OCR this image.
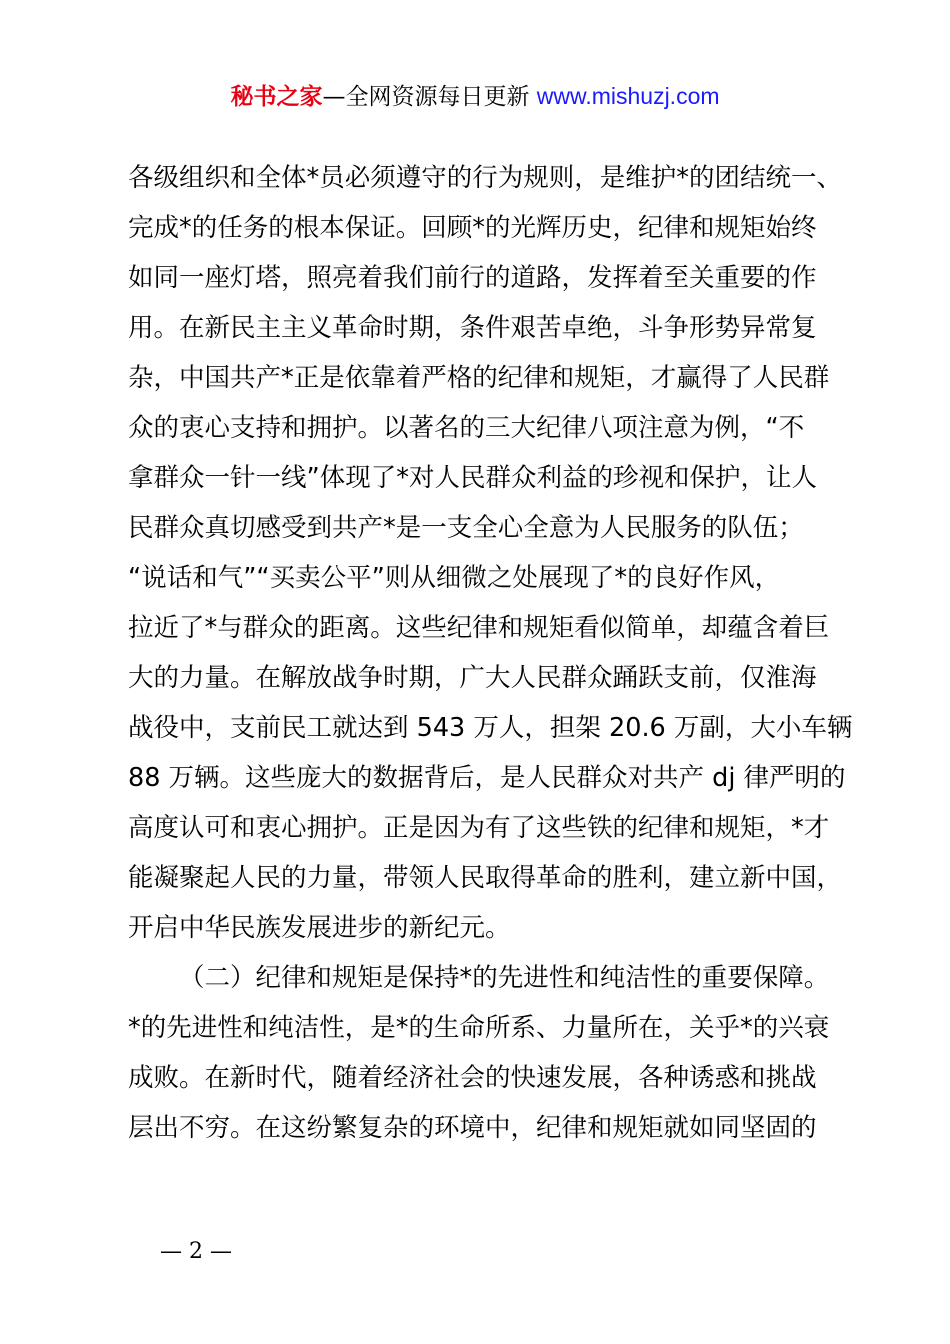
秘书之家—全网资源每日更新 www.mishuzj.com
各级组织和全体*员必须遵守的行为规则，是维护*的团结统一、
完成*的任务的根本保证。回顾*的光辉历史，纪律和规矩始终
如同一座灯塔，照亮着我们前行的道路，发挥着至关重要的作
用。在新民主主义革命时期，条件艰苦卓绝，斗争形势异常复
杂，中国共产*正是依靠着严格的纪律和规矩，才赢得了人民群
众的衷心支持和拥护。以著名的三大纪律八项注意为例，“不
拿群众一针一线”体现了*对人民群众利益的珍视和保护，让人
民群众真切感受到共产*是一支全心全意为人民服务的队伍；
“说话和气”“买卖公平”则从细微之处展现了*的良好作风，
拉近了*与群众的距离。这些纪律和规矩看似简单，却蕴含着巨
大的力量。在解放战争时期，广大人民群众踊跃支前，仅淮海
战役中，支前民工就达到 543 万人，担架 20.6 万副，大小车辆
88 万辆。这些庞大的数据背后，是人民群众对共产 dj 律严明的
高度认可和衷心拥护。正是因为有了这些铁的纪律和规矩，*才
能凝聚起人民的力量，带领人民取得革命的胜利，建立新中国，
开启中华民族发展进步的新纪元。
（二）纪律和规矩是保持*的先进性和纯洁性的重要保障。
*的先进性和纯洁性，是*的生命所系、力量所在，关乎*的兴衰
成败。在新时代，随着经济社会的快速发展，各种诱惑和挑战
层出不穷。在这纷繁复杂的环境中，纪律和规矩就如同坚固的
— 2 —
